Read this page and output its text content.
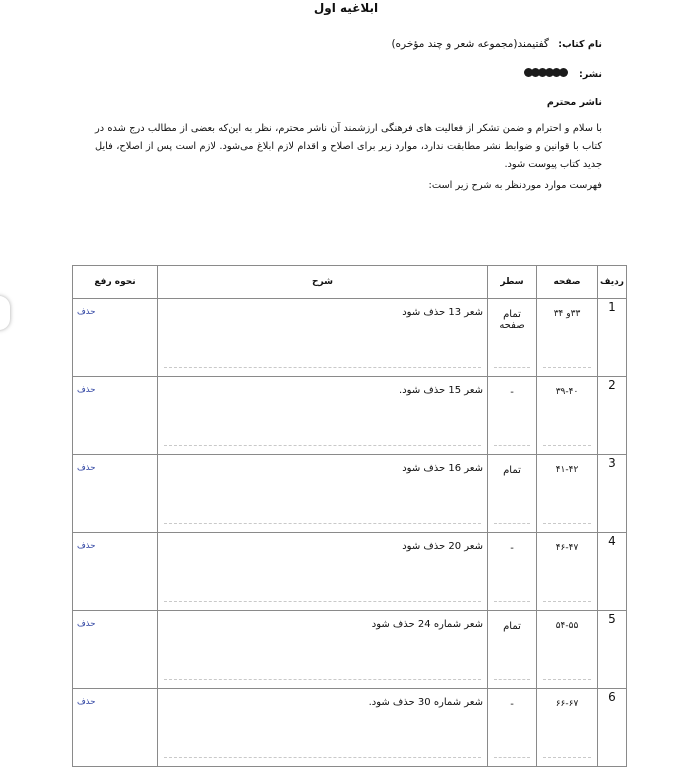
ابلاغیه اول
نام کتاب: گفتیمند(مجموعه شعر و چند مؤخره)
نشر:
ناشر محترم
با سلام و احترام و ضمن تشکر از فعالیت های فرهنگی ارزشمند آن ناشر محترم، نظر به این‌که بعضی از مطالب درج شده در کتاب با قوانین و ضوابط نشر مطابقت ندارد، موارد زیر برای اصلاح و اقدام لازم ابلاغ می‌شود. لازم است پس از اصلاح، فایل جدید کتاب پیوست شود.
فهرست موارد موردنظر به شرح زیر است:
ردیف	صفحه	سطر	شرح	نحوه رفع
1	۳۳و ۳۴	تمام صفحه	شعر 13 حذف شود	حذف
2	۳۹-۴۰	-	شعر 15 حذف شود.	حذف
3	۴۱-۴۲	تمام	شعر 16 حذف شود	حذف
4	۴۶-۴۷	-	شعر 20 حذف شود	حذف
5	۵۴-۵۵	تمام	شعر شماره 24 حذف شود	حذف
6	۶۶-۶۷	-	شعر شماره 30 حذف شود.	حذف
